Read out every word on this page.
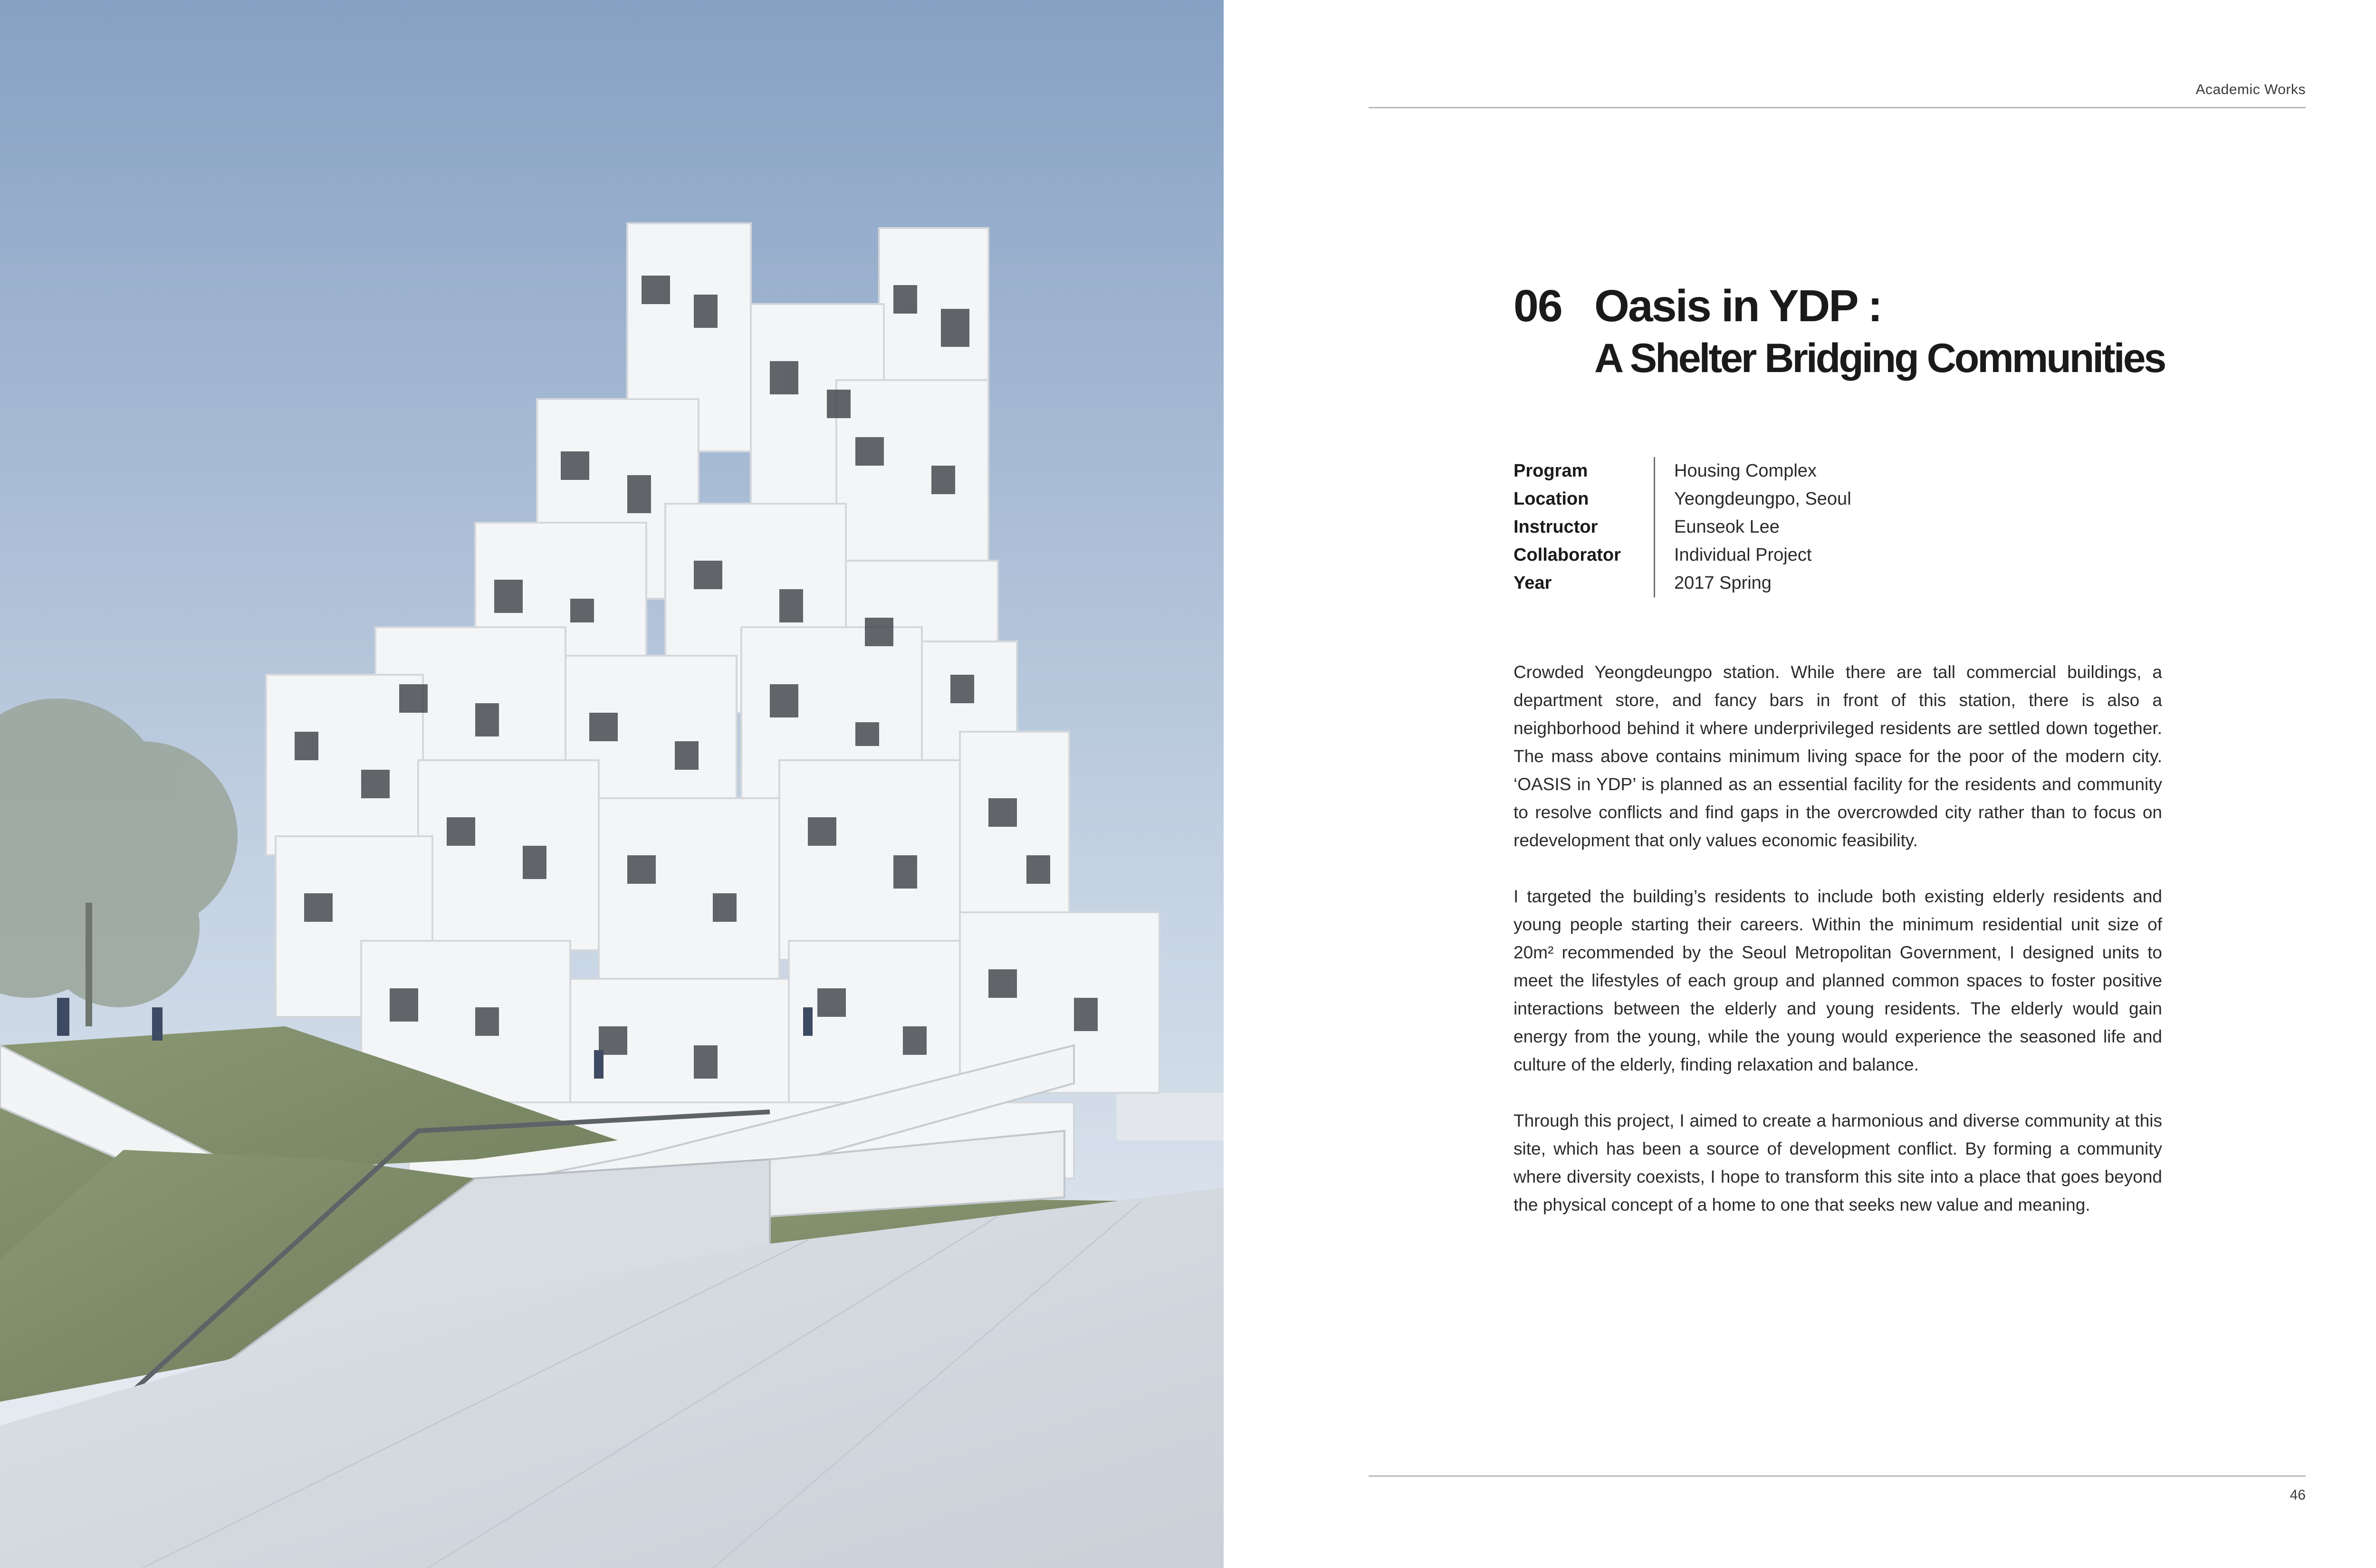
Academic Works
06 Oasis in YDP :
A Shelter Bridging Communities
Program
Location
Instructor
Collaborator
Year
Housing Complex
Yeongdeungpo, Seoul
Eunseok Lee
Individual Project
2017 Spring

Crowded Yeongdeungpo station. While there are tall commercial buildings, a department store, and fancy bars in front of this station, there is also a neighborhood behind it where underprivileged residents are settled down together. The mass above contains minimum living space for the poor of the modern city. ‘OASIS in YDP’ is planned as an essential facility for the residents and community to resolve conflicts and find gaps in the overcrowded city rather than to focus on redevelopment that only values economic feasibility.

I targeted the building’s residents to include both existing elderly residents and young people starting their careers. Within the minimum residential unit size of 20m² recommended by the Seoul Metropolitan Government, I designed units to meet the lifestyles of each group and planned common spaces to foster positive interactions between the elderly and young residents. The elderly would gain energy from the young, while the young would experience the seasoned life and culture of the elderly, finding relaxation and balance.

Through this project, I aimed to create a harmonious and diverse community at this site, which has been a source of development conflict. By forming a community where diversity coexists, I hope to transform this site into a place that goes beyond the physical concept of a home to one that seeks new value and meaning.

46
